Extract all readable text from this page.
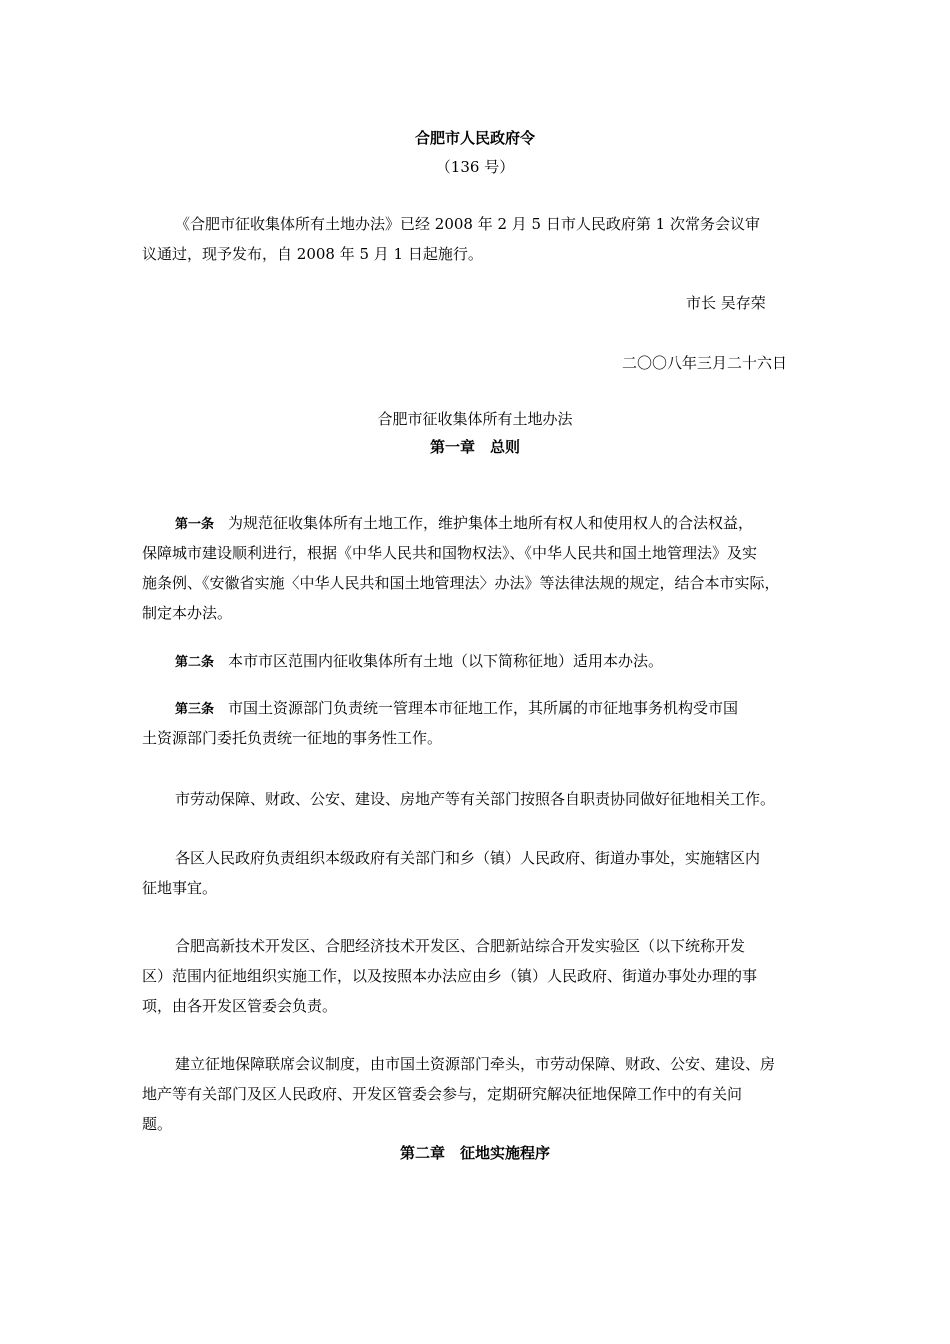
合肥市人民政府令
（136 号）
《合肥市征收集体所有土地办法》已经 2008 年 2 月 5 日市人民政府第 1 次常务会议审
议通过，现予发布，自 2008 年 5 月 1 日起施行。
市长 吴存荣
二〇〇八年三月二十六日
合肥市征收集体所有土地办法
第一章　总则
第一条 为规范征收集体所有土地工作，维护集体土地所有权人和使用权人的合法权益，
保障城市建设顺利进行，根据《中华人民共和国物权法》、《中华人民共和国土地管理法》及实
施条例、《安徽省实施〈中华人民共和国土地管理法〉办法》等法律法规的规定，结合本市实际，
制定本办法。
第二条 本市市区范围内征收集体所有土地（以下简称征地）适用本办法。
第三条 市国土资源部门负责统一管理本市征地工作，其所属的市征地事务机构受市国
土资源部门委托负责统一征地的事务性工作。
市劳动保障、财政、公安、建设、房地产等有关部门按照各自职责协同做好征地相关工作。
各区人民政府负责组织本级政府有关部门和乡（镇）人民政府、街道办事处，实施辖区内
征地事宜。
合肥高新技术开发区、合肥经济技术开发区、合肥新站综合开发实验区（以下统称开发
区）范围内征地组织实施工作，以及按照本办法应由乡（镇）人民政府、街道办事处办理的事
项，由各开发区管委会负责。
建立征地保障联席会议制度，由市国土资源部门牵头，市劳动保障、财政、公安、建设、房
地产等有关部门及区人民政府、开发区管委会参与，定期研究解决征地保障工作中的有关问
题。
第二章　征地实施程序
